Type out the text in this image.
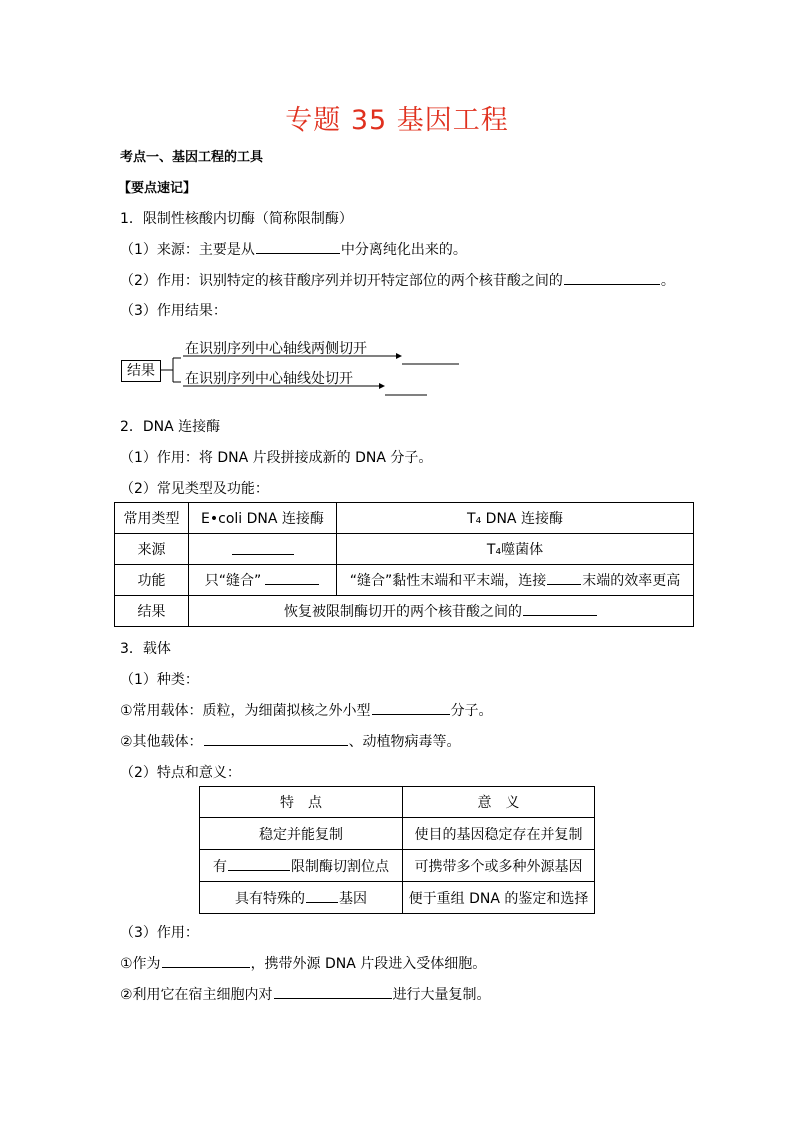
专题 35 基因工程
考点一、基因工程的工具
【要点速记】
1．限制性核酸内切酶（简称限制酶）
（1）来源：主要是从	中分离纯化出来的。
（2）作用：识别特定的核苷酸序列并切开特定部位的两个核苷酸之间的	。
（3）作用结果：
结果
在识别序列中心轴线两侧切开
在识别序列中心轴线处切开
2．DNA 连接酶
（1）作用：将 DNA 片段拼接成新的 DNA 分子。
（2）常见类型及功能：
常用类型	E•coli DNA 连接酶	T₄ DNA 连接酶
来源		T₄噬菌体
功能	只“缝合”	“缝合”黏性末端和平末端，连接 末端的效率更高
结果	恢复被限制酶切开的两个核苷酸之间的	
3．载体
（1）种类：
①常用载体：质粒，为细菌拟核之外小型	分子。
②其他载体：	、动植物病毒等。
（2）特点和意义：
特　点	意　义
稳定并能复制	使目的基因稳定存在并复制
有 限制酶切割位点	可携带多个或多种外源基因
具有特殊的 基因	便于重组 DNA 的鉴定和选择
（3）作用：
①作为	，携带外源 DNA 片段进入受体细胞。
②利用它在宿主细胞内对	进行大量复制。
